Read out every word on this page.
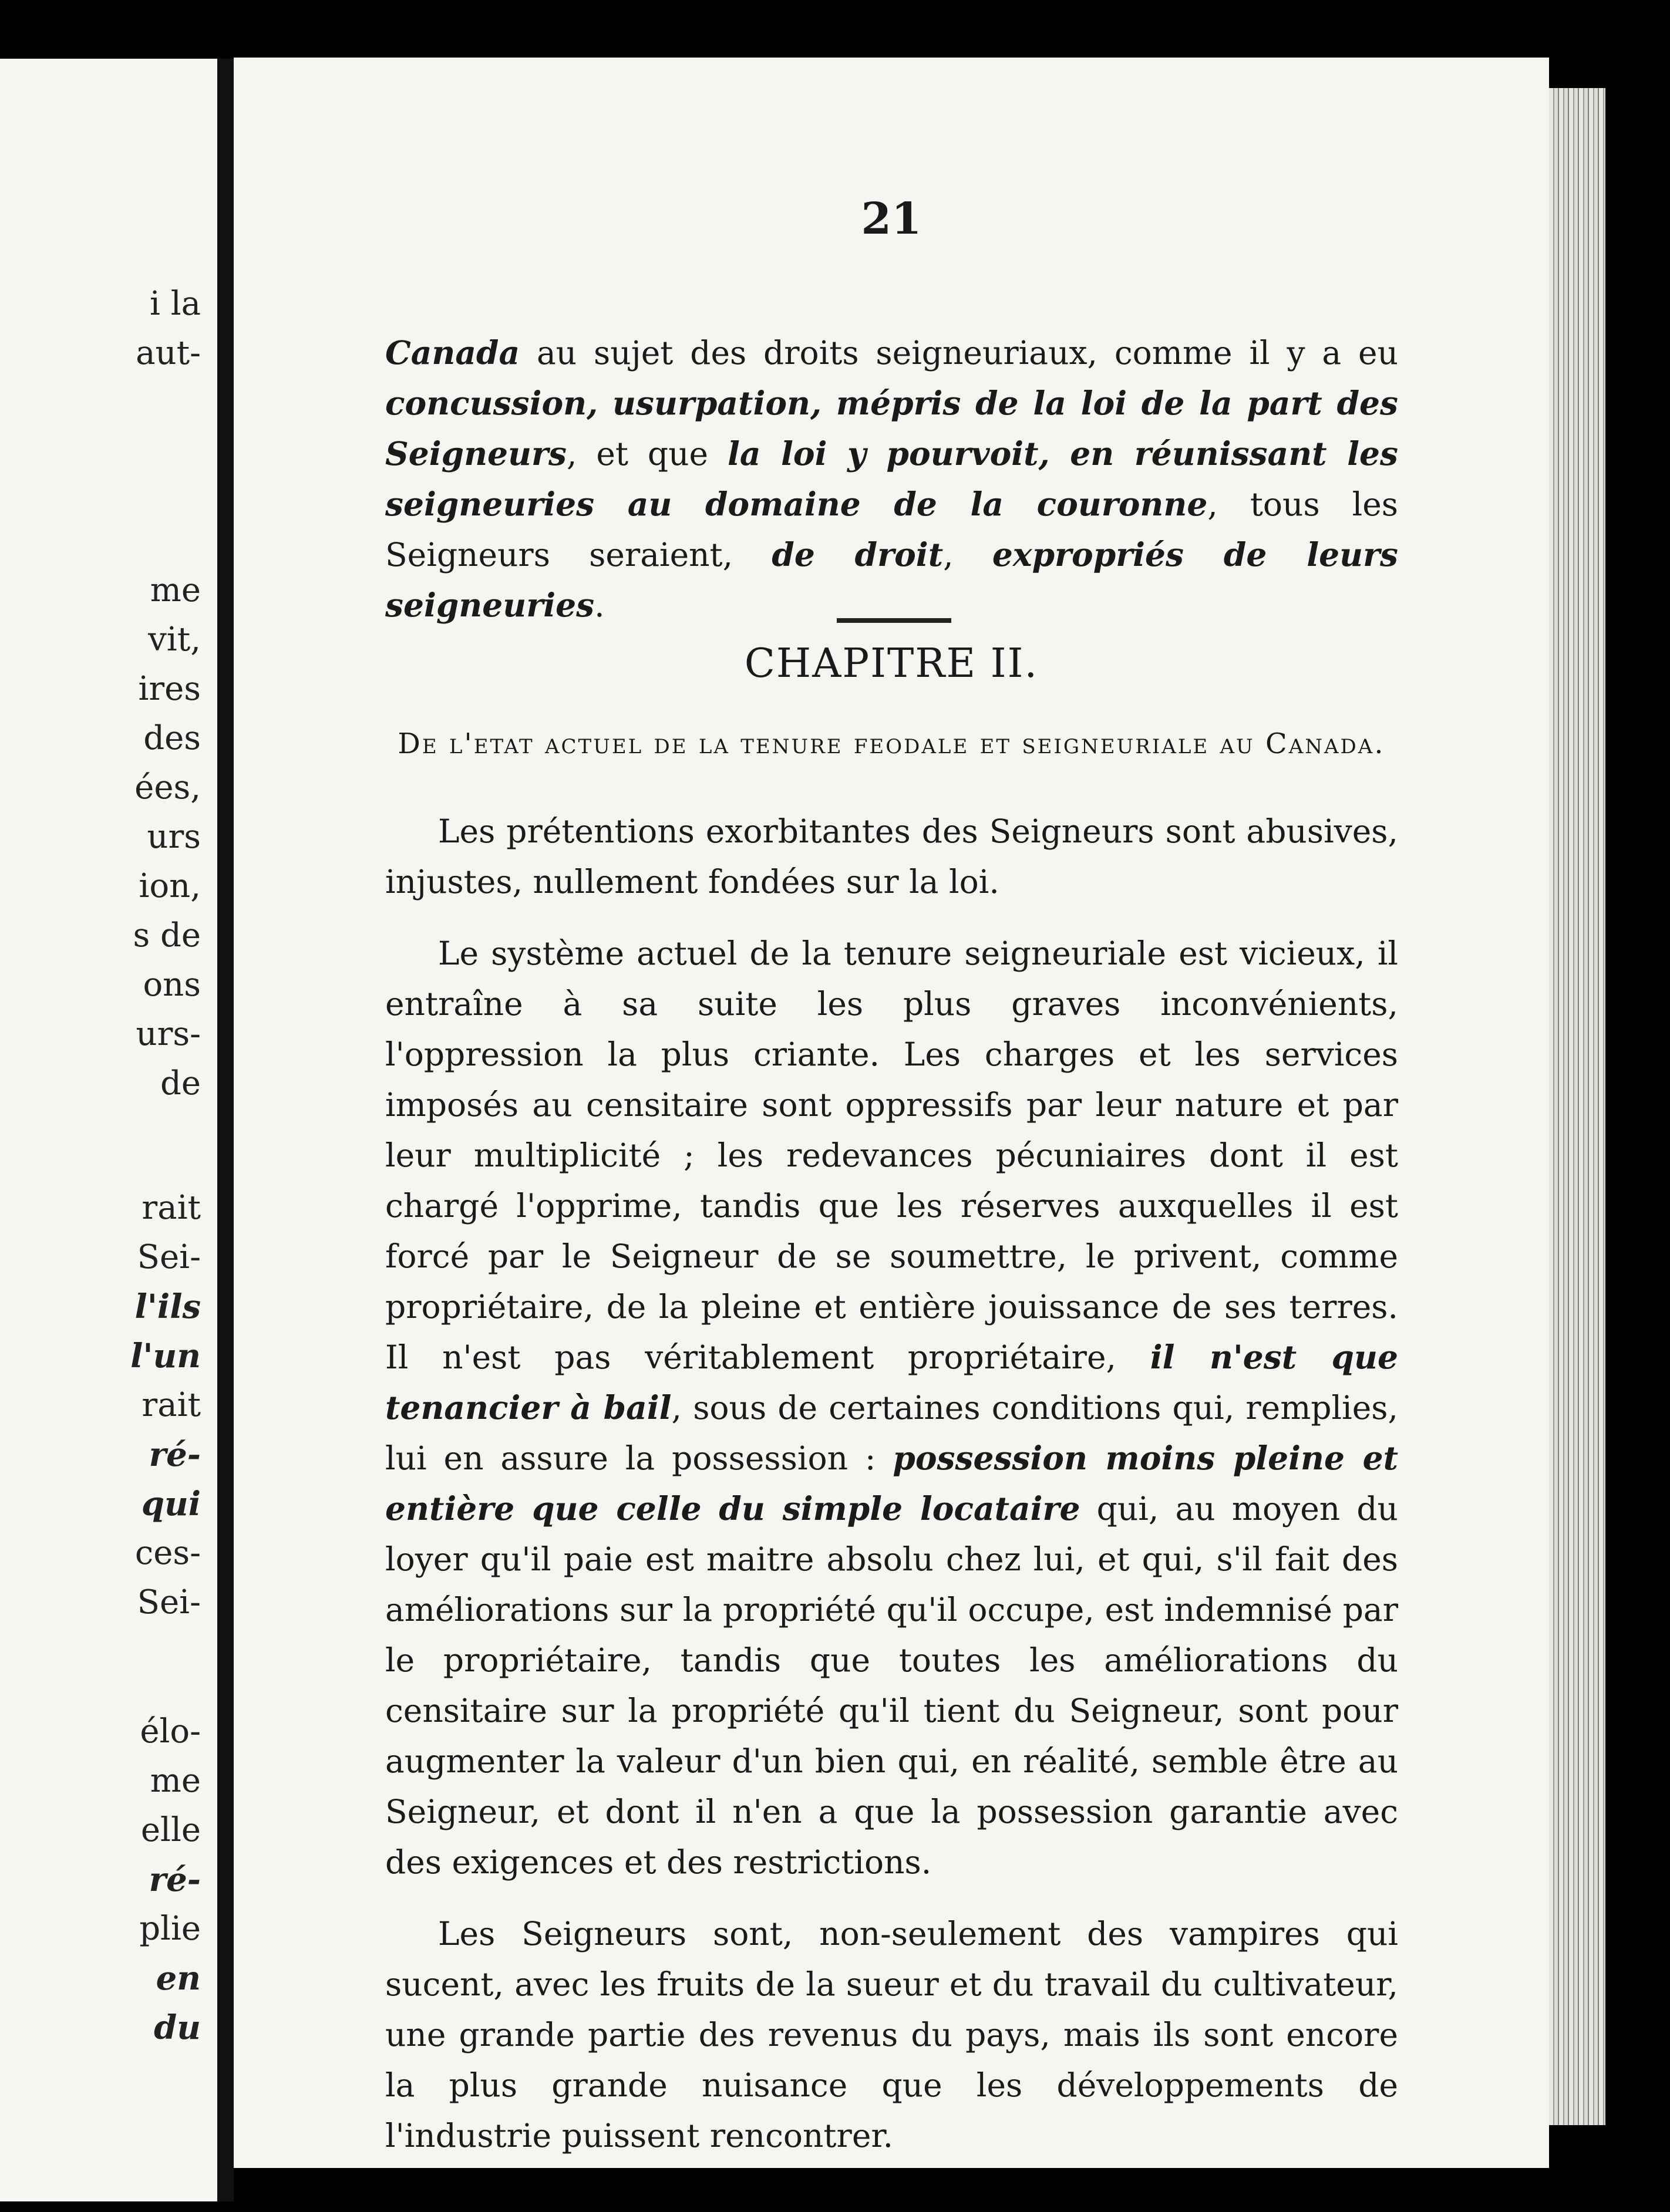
i la
aut-
me
vit,
ires
des
ées,
urs
ion,
s de
ons
urs-
de
rait
Sei-
l'ils
l'un
rait
ré-
qui
ces-
Sei-
élo-
me
elle
ré-
plie
en
du
21

Canada au sujet des droits seigneuriaux, comme il y a eu concussion, usurpation, mépris de la loi de la part des Seigneurs, et que la loi y pourvoit, en réunissant les seigneuries au domaine de la couronne, tous les Seigneurs seraient, de droit, expropriés de leurs seigneuries.

CHAPITRE II.
De l'etat actuel de la tenure feodale et seigneuriale au Canada.

Les prétentions exorbitantes des Seigneurs sont abusives, injustes, nullement fondées sur la loi.

Le système actuel de la tenure seigneuriale est vicieux, il entraîne à sa suite les plus graves inconvénients, l'oppression la plus criante. Les charges et les services imposés au censitaire sont oppressifs par leur nature et par leur multiplicité ; les redevances pécuniaires dont il est chargé l'opprime, tandis que les réserves auxquelles il est forcé par le Seigneur de se soumettre, le privent, comme propriétaire, de la pleine et entière jouissance de ses terres. Il n'est pas véritablement propriétaire, il n'est que tenancier à bail, sous de certaines conditions qui, remplies, lui en assure la possession : possession moins pleine et entière que celle du simple locataire qui, au moyen du loyer qu'il paie est maitre absolu chez lui, et qui, s'il fait des améliorations sur la propriété qu'il occupe, est indemnisé par le propriétaire, tandis que toutes les améliorations du censitaire sur la propriété qu'il tient du Seigneur, sont pour augmenter la valeur d'un bien qui, en réalité, semble être au Seigneur, et dont il n'en a que la possession garantie avec des exigences et des restrictions.

Les Seigneurs sont, non-seulement des vampires qui sucent, avec les fruits de la sueur et du travail du cultivateur, une grande partie des revenus du pays, mais ils sont encore la plus grande nuisance que les développements de l'industrie puissent rencontrer.
